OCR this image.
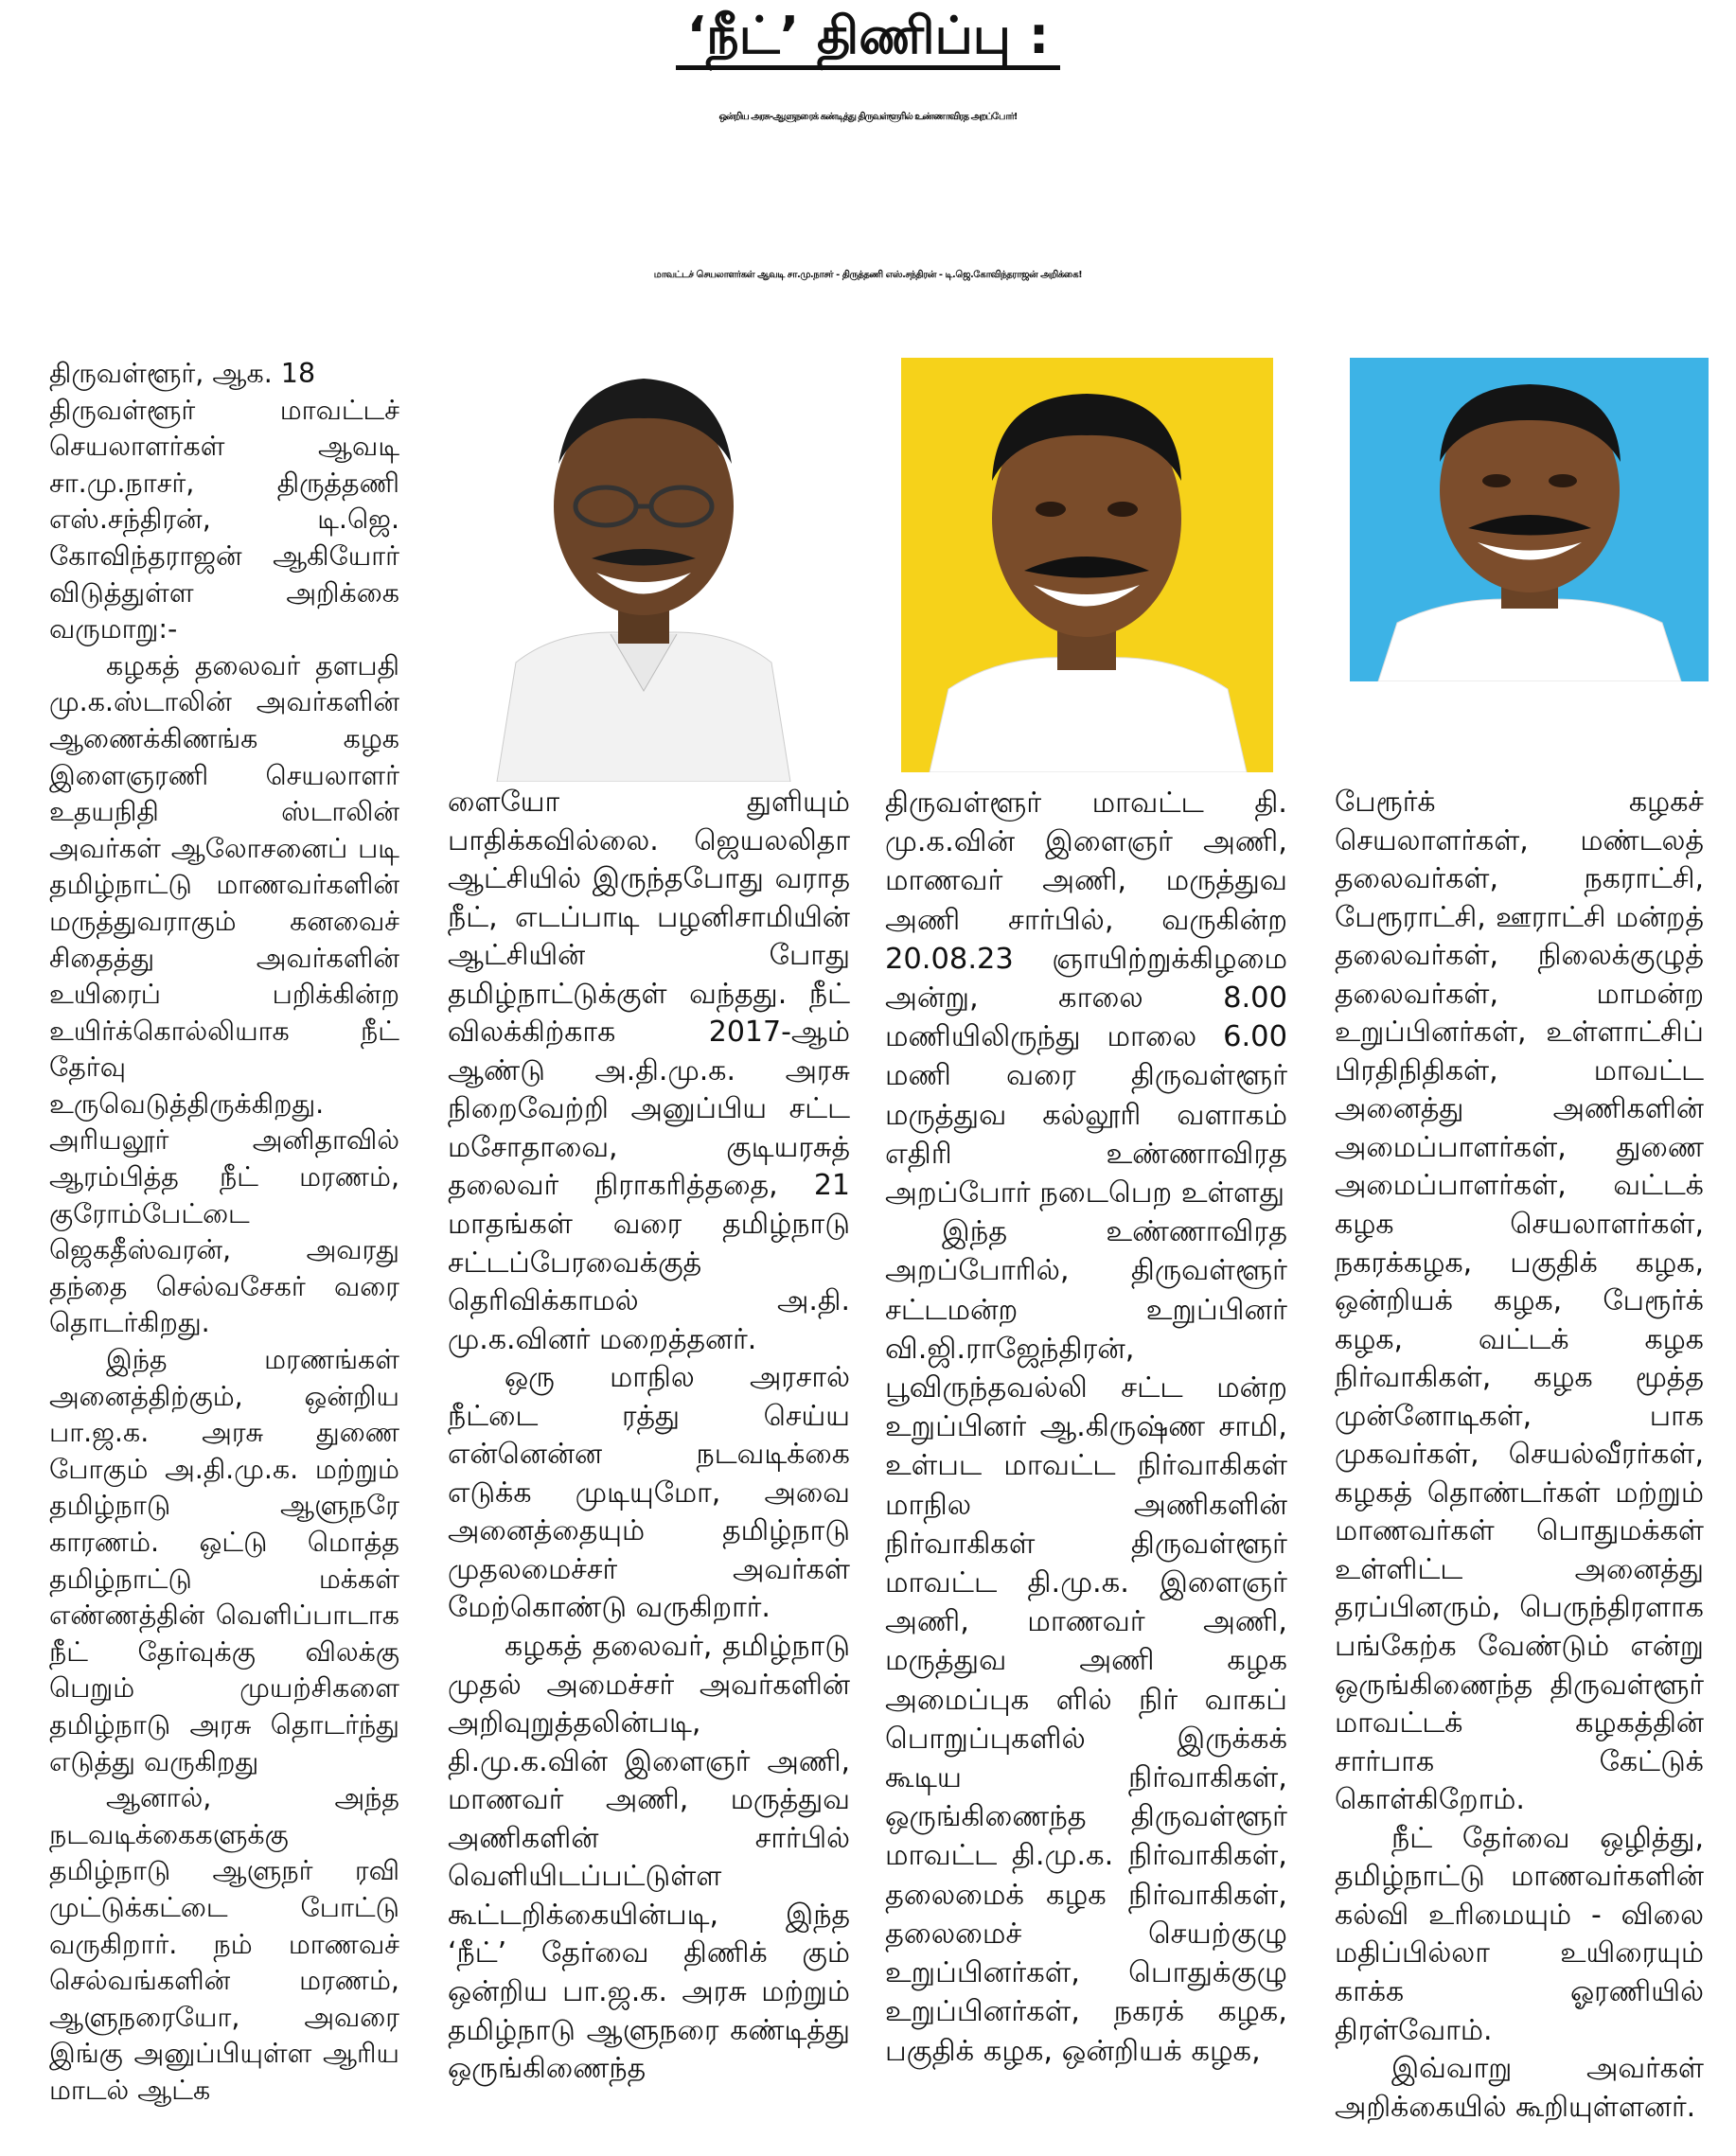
‘நீட்’ திணிப்பு :
ஒன்றிய அரசு-ஆளுநரைக் கண்டித்து திருவள்ளூரில் உண்ணாவிரத அறப்போர்!
மாவட்டச் செயலாளர்கள் ஆவடி சா.மு.நாசர் - திருத்தணி எஸ்.சந்திரன் - டி.ஜெ.கோவிந்தராஜன் அறிக்கை!

திருவள்ளூர், ஆக. 18

திருவள்ளூர் மாவட்டச் செயலாளர்கள் ஆவடி சா.மு.நாசர், திருத்தணி எஸ்.சந்திரன், டி.ஜெ. கோவிந்தராஜன் ஆகியோர் விடுத்துள்ள அறிக்கை வருமாறு:-

கழகத் தலைவர் தளபதி மு.க.ஸ்டாலின் அவர்களின் ஆணைக்கிணங்க கழக இளைஞரணி செயலாளர் உதயநிதி ஸ்டாலின் அவர்கள் ஆலோசனைப் படி தமிழ்நாட்டு மாணவர்களின் மருத்துவராகும் கனவைச் சிதைத்து அவர்களின் உயிரைப் பறிக்கின்ற உயிர்க்கொல்லியாக நீட் தேர்வு உருவெடுத்திருக்கிறது. அரியலூர் அனிதாவில் ஆரம்பித்த நீட் மரணம், குரோம்பேட்டை ஜெகதீஸ்வரன், அவரது தந்தை செல்வசேகர் வரை தொடர்கிறது.

இந்த மரணங்கள் அனைத்திற்கும், ஒன்றிய பா.ஜ.க. அரசு துணை போகும் அ.தி.மு.க. மற்றும் தமிழ்நாடு ஆளுநரே காரணம். ஒட்டு மொத்த தமிழ்நாட்டு மக்கள் எண்ணத்தின் வெளிப்பாடாக நீட் தேர்வுக்கு விலக்கு பெறும் முயற்சிகளை தமிழ்நாடு அரசு தொடர்ந்து எடுத்து வருகிறது

ஆனால், அந்த நடவடிக்கைகளுக்கு தமிழ்நாடு ஆளுநர் ரவி முட்டுக்கட்டை போட்டு வருகிறார். நம் மாணவச் செல்வங்களின் மரணம், ஆளுநரையோ, அவரை இங்கு அனுப்பியுள்ள ஆரிய மாடல் ஆட்க

ளையோ துளியும் பாதிக்கவில்லை. ஜெயலலிதா ஆட்சியில் இருந்தபோது வராத நீட், எடப்பாடி பழனிசாமியின் ஆட்சியின் போது தமிழ்நாட்டுக்குள் வந்தது. நீட் விலக்கிற்காக 2017-ஆம் ஆண்டு அ.தி.மு.க. அரசு நிறைவேற்றி அனுப்பிய சட்ட மசோதாவை, குடியரசுத் தலைவர் நிராகரித்ததை, 21 மாதங்கள் வரை தமிழ்நாடு சட்டப்பேரவைக்குத் தெரிவிக்காமல் அ.தி. மு.க.வினர் மறைத்தனர்.

ஒரு மாநில அரசால் நீட்டை ரத்து செய்ய என்னென்ன நடவடிக்கை எடுக்க முடியுமோ, அவை அனைத்தையும் தமிழ்நாடு முதலமைச்சர் அவர்கள் மேற்கொண்டு வருகிறார்.

கழகத் தலைவர், தமிழ்நாடு முதல் அமைச்சர் அவர்களின் அறிவுறுத்தலின்படி, தி.மு.க.வின் இளைஞர் அணி, மாணவர் அணி, மருத்துவ அணிகளின் சார்பில் வெளியிடப்பட்டுள்ள கூட்டறிக்கையின்படி, இந்த ‘நீட்’ தேர்வை திணிக் கும் ஒன்றிய பா.ஜ.க. அரசு மற்றும் தமிழ்நாடு ஆளுநரை கண்டித்து ஒருங்கிணைந்த

திருவள்ளூர் மாவட்ட தி. மு.க.வின் இளைஞர் அணி, மாணவர் அணி, மருத்துவ அணி சார்பில், வருகின்ற 20.08.23 ஞாயிற்றுக்கிழமை அன்று, காலை 8.00 மணியிலிருந்து மாலை 6.00 மணி வரை திருவள்ளூர் மருத்துவ கல்லூரி வளாகம் எதிரி உண்ணாவிரத அறப்போர் நடைபெற உள்ளது

இந்த உண்ணாவிரத அறப்போரில், திருவள்ளூர் சட்டமன்ற உறுப்பினர் வி.ஜி.ராஜேந்திரன், பூவிருந்தவல்லி சட்ட மன்ற உறுப்பினர் ஆ.கிருஷ்ண சாமி, உள்பட மாவட்ட நிர்வாகிகள் மாநில அணிகளின் நிர்வாகிகள் திருவள்ளூர் மாவட்ட தி.மு.க. இளைஞர் அணி, மாணவர் அணி, மருத்துவ அணி கழக அமைப்புக ளில் நிர் வாகப் பொறுப்புகளில் இருக்கக் கூடிய நிர்வாகிகள், ஒருங்கிணைந்த திருவள்ளூர் மாவட்ட தி.மு.க. நிர்வாகிகள், தலைமைக் கழக நிர்வாகிகள், தலைமைச் செயற்குழு உறுப்பினர்கள், பொதுக்குழு உறுப்பினர்கள், நகரக் கழக, பகுதிக் கழக, ஒன்றியக் கழக,

பேரூர்க் கழகச் செயலாளர்கள், மண்டலத் தலைவர்கள், நகராட்சி, பேரூராட்சி, ஊராட்சி மன்றத் தலைவர்கள், நிலைக்குழுத் தலைவர்கள், மாமன்ற உறுப்பினர்கள், உள்ளாட்சிப் பிரதிநிதிகள், மாவட்ட அனைத்து அணிகளின் அமைப்பாளர்கள், துணை அமைப்பாளர்கள், வட்டக் கழக செயலாளர்கள், நகரக்கழக, பகுதிக் கழக, ஒன்றியக் கழக, பேரூர்க் கழக, வட்டக் கழக நிர்வாகிகள், கழக மூத்த முன்னோடிகள், பாக முகவர்கள், செயல்வீரர்கள், கழகத் தொண்டர்கள் மற்றும் மாணவர்கள் பொதுமக்கள் உள்ளிட்ட அனைத்து தரப்பினரும், பெருந்திரளாக பங்கேற்க வேண்டும் என்று ஒருங்கிணைந்த திருவள்ளூர் மாவட்டக் கழகத்தின் சார்பாக கேட்டுக் கொள்கிறோம்.

நீட் தேர்வை ஒழித்து, தமிழ்நாட்டு மாணவர்களின் கல்வி உரிமையும் - விலை மதிப்பில்லா உயிரையும் காக்க ஓரணியில் திரள்வோம்.

இவ்வாறு அவர்கள் அறிக்கையில் கூறியுள்ளனர்.
